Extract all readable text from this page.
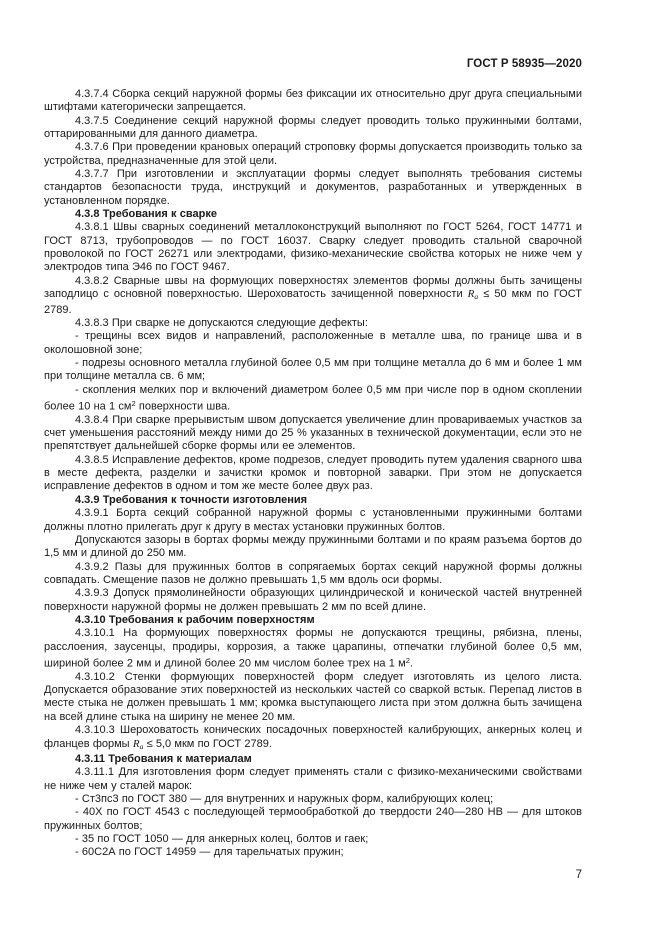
ГОСТ Р 58935—2020

4.3.7.4 Сборка секций наружной формы без фиксации их относительно друг друга специальными штифтами категорически запрещается.

4.3.7.5 Соединение секций наружной формы следует проводить только пружинными болтами, оттарированными для данного диаметра.

4.3.7.6 При проведении крановых операций строповку формы допускается производить только за устройства, предназначенные для этой цели.

4.3.7.7 При изготовлении и эксплуатации формы следует выполнять требования системы стандартов безопасности труда, инструкций и документов, разработанных и утвержденных в установленном порядке.

4.3.8 Требования к сварке

4.3.8.1 Швы сварных соединений металлоконструкций выполняют по ГОСТ 5264, ГОСТ 14771 и ГОСТ 8713, трубопроводов — по ГОСТ 16037. Сварку следует проводить стальной сварочной проволокой по ГОСТ 26271 или электродами, физико-механические свойства которых не ниже чем у электродов типа Э46 по ГОСТ 9467.

4.3.8.2 Сварные швы на формующих поверхностях элементов формы должны быть зачищены заподлицо с основной поверхностью. Шероховатость зачищенной поверхности Ra ≤ 50 мкм по ГОСТ 2789.

4.3.8.3 При сварке не допускаются следующие дефекты:

- трещины всех видов и направлений, расположенные в металле шва, по границе шва и в околошовной зоне;

- подрезы основного металла глубиной более 0,5 мм при толщине металла до 6 мм и более 1 мм при толщине металла св. 6 мм;

- скопления мелких пор и включений диаметром более 0,5 мм при числе пор в одном скоплении более 10 на 1 $см^2$ поверхности шва.

4.3.8.4 При сварке прерывистым швом допускается увеличение длин провариваемых участков за счет уменьшения расстояний между ними до 25 % указанных в технической документации, если это не препятствует дальнейшей сборке формы или ее элементов.

4.3.8.5 Исправление дефектов, кроме подрезов, следует проводить путем удаления сварного шва в месте дефекта, разделки и зачистки кромок и повторной заварки. При этом не допускается исправление дефектов в одном и том же месте более двух раз.

4.3.9 Требования к точности изготовления

4.3.9.1 Борта секций собранной наружной формы с установленными пружинными болтами должны плотно прилегать друг к другу в местах установки пружинных болтов.

Допускаются зазоры в бортах формы между пружинными болтами и по краям разъема бортов до 1,5 мм и длиной до 250 мм.

4.3.9.2 Пазы для пружинных болтов в сопрягаемых бортах секций наружной формы должны совпадать. Смещение пазов не должно превышать 1,5 мм вдоль оси формы.

4.3.9.3 Допуск прямолинейности образующих цилиндрической и конической частей внутренней поверхности наружной формы не должен превышать 2 мм по всей длине.

4.3.10 Требования к рабочим поверхностям

4.3.10.1 На формующих поверхностях формы не допускаются трещины, рябизна, плены, расслоения, заусенцы, продиры, коррозия, а также царапины, отпечатки глубиной более 0,5 мм, шириной более 2 мм и длиной более 20 мм числом более трех на 1 $м^2$.

4.3.10.2 Стенки формующих поверхностей форм следует изготовлять из целого листа. Допускается образование этих поверхностей из нескольких частей со сваркой встык. Перепад листов в месте стыка не должен превышать 1 мм; кромка выступающего листа при этом должна быть зачищена на всей длине стыка на ширину не менее 20 мм.

4.3.10.3 Шероховатость конических посадочных поверхностей калибрующих, анкерных колец и фланцев формы Ra ≤ 5,0 мкм по ГОСТ 2789.

4.3.11 Требования к материалам

4.3.11.1 Для изготовления форм следует применять стали с физико-механическими свойствами не ниже чем у сталей марок:

- Ст3пс3 по ГОСТ 380 — для внутренних и наружных форм, калибрующих колец;

- 40Х по ГОСТ 4543 с последующей термообработкой до твердости 240—280 НВ — для штоков пружинных болтов;

- 35 по ГОСТ 1050 — для анкерных колец, болтов и гаек;

- 60С2А по ГОСТ 14959 — для тарельчатых пружин;

7
